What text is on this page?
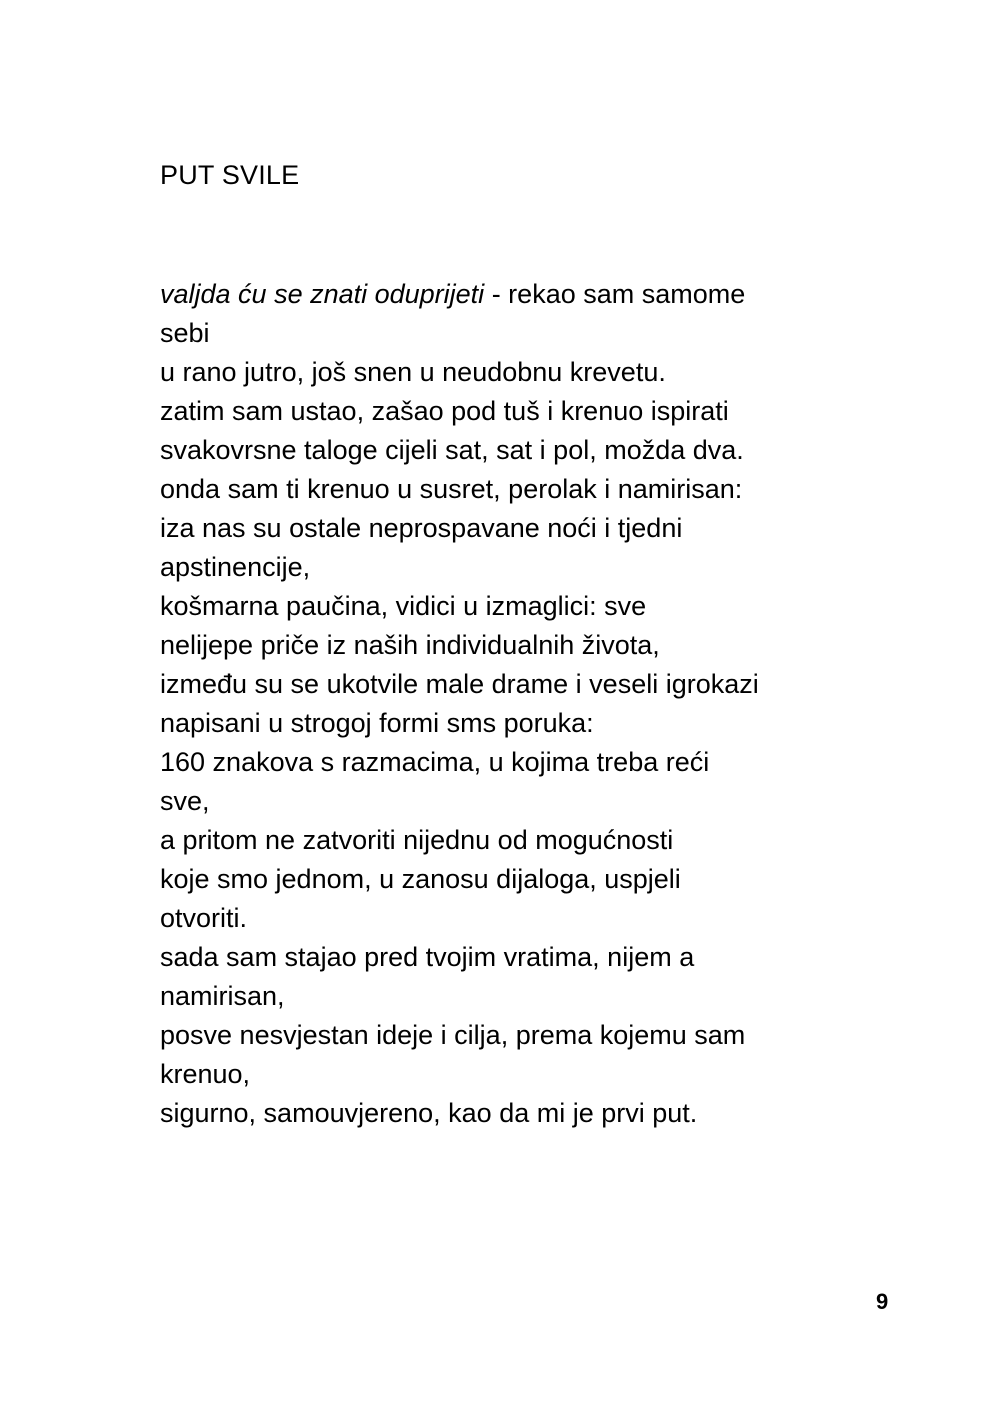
PUT SVILE
valjda ću se znati oduprijeti - rekao sam samome
sebi
u rano jutro, još snen u neudobnu krevetu.
zatim sam ustao, zašao pod tuš i krenuo ispirati
svakovrsne taloge cijeli sat, sat i pol, možda dva.
onda sam ti krenuo u susret, perolak i namirisan:
iza nas su ostale neprospavane noći i tjedni
apstinencije,
košmarna paučina, vidici u izmaglici: sve
nelijepe priče iz naših individualnih života,
između su se ukotvile male drame i veseli igrokazi
napisani u strogoj formi sms poruka:
160 znakova s razmacima, u kojima treba reći
sve,
a pritom ne zatvoriti nijednu od mogućnosti
koje smo jednom, u zanosu dijaloga, uspjeli
otvoriti.
sada sam stajao pred tvojim vratima, nijem a
namirisan,
posve nesvjestan ideje i cilja, prema kojemu sam
krenuo,
sigurno, samouvjereno, kao da mi je prvi put.
9
